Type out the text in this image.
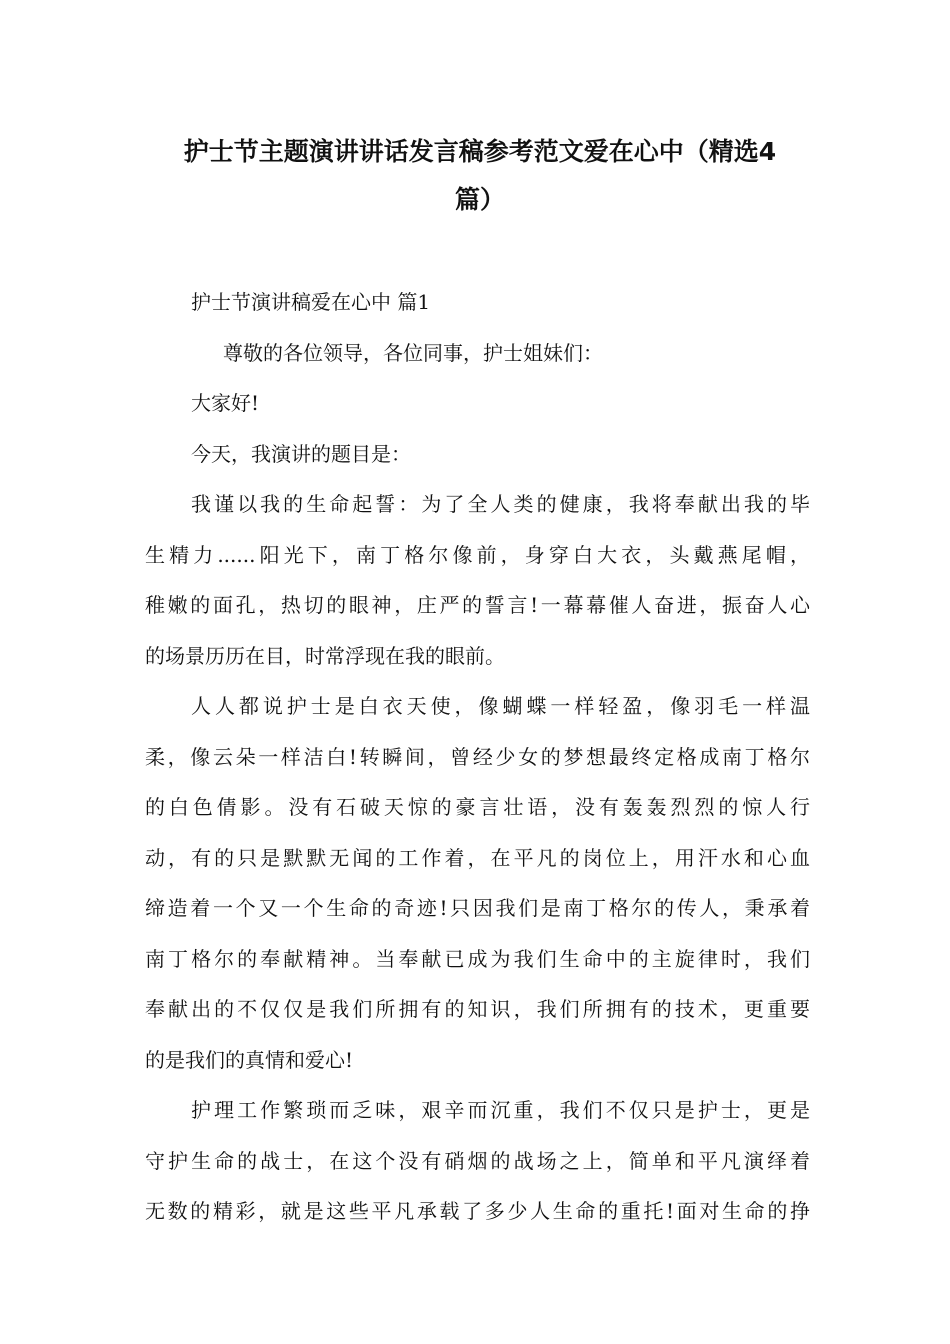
护士节主题演讲讲话发言稿参考范文爱在心中（精选4
篇）
护士节演讲稿爱在心中 篇1
尊敬的各位领导，各位同事，护士姐妹们：
大家好!
今天，我演讲的题目是：
我谨以我的生命起誓：为了全人类的健康，我将奉献出我的毕
生精力......阳光下，南丁格尔像前，身穿白大衣，头戴燕尾帽，
稚嫩的面孔，热切的眼神，庄严的誓言!一幕幕催人奋进，振奋人心
的场景历历在目，时常浮现在我的眼前。
人人都说护士是白衣天使，像蝴蝶一样轻盈，像羽毛一样温
柔，像云朵一样洁白!转瞬间，曾经少女的梦想最终定格成南丁格尔
的白色倩影。没有石破天惊的豪言壮语，没有轰轰烈烈的惊人行
动，有的只是默默无闻的工作着，在平凡的岗位上，用汗水和心血
缔造着一个又一个生命的奇迹!只因我们是南丁格尔的传人，秉承着
南丁格尔的奉献精神。当奉献已成为我们生命中的主旋律时，我们
奉献出的不仅仅是我们所拥有的知识，我们所拥有的技术，更重要
的是我们的真情和爱心!
护理工作繁琐而乏味，艰辛而沉重，我们不仅只是护士，更是
守护生命的战士，在这个没有硝烟的战场之上，简单和平凡演绎着
无数的精彩，就是这些平凡承载了多少人生命的重托!面对生命的挣
